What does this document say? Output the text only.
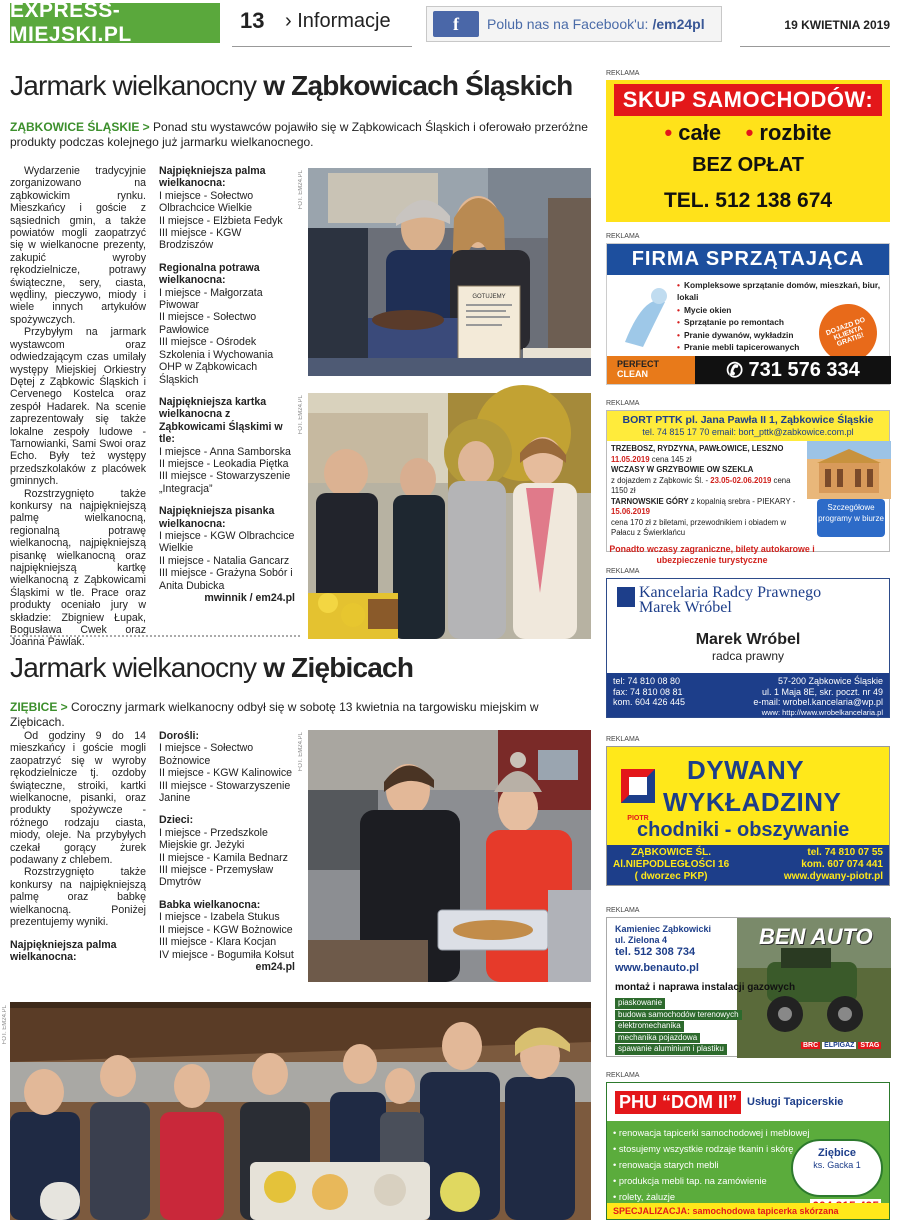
EXPRESS-MIEJSKI.PL
13 › Informacje	f	Polub nas na Facebook'u: /em24pl	19 KWIETNIA 2019
Jarmark wielkanocny w Ząbkowicach Śląskich
ZĄBKOWICE ŚLĄSKIE > Ponad stu wystawców pojawiło się w Ząbkowicach Śląskich i oferowało przeróżne produkty podczas kolejnego już jarmarku wielkanocnego.

Wydarzenie tradycyjnie zorganizowano na ząbkowickim rynku. Mieszkańcy i goście z sąsiednich gmin, a także powiatów mogli zaopatrzyć się w wielkanocne prezenty, zakupić wyroby rękodzielnicze, potrawy świąteczne, sery, ciasta, wędliny, pieczywo, miody i wiele innych artykułów spożywczych.

Przybyłym na jarmark wystawcom oraz odwiedzającym czas umilały występy Miejskiej Orkiestry Dętej z Ząbkowic Śląskich i Cervenego Kostelca oraz zespół Hadarek. Na scenie zaprezentowały się także lokalne zespoły ludowe - Tarnowianki, Sami Swoi oraz Echo. Były też występy przedszkolaków z placówek gminnych.

Rozstrzygnięto także konkursy na najpiękniejszą palmę wielkanocną, regionalną potrawę wielkanocną, najpiękniejszą pisankę wielkanocną oraz najpiękniejszą kartkę wielkanocną z Ząbkowicami Śląskimi w tle. Prace oraz produkty oceniało jury w składzie: Zbigniew Łupak, Bogusława Cwek oraz Joanna Pawlak.

Najpiękniejsza palma wielkanocna:
I miejsce - Sołectwo Olbrachcice Wielkie
II miejsce - Elżbieta Fedyk
III miejsce - KGW Brodziszów
Regionalna potrawa wielkanocna:
I miejsce - Małgorzata Piwowar
II miejsce - Sołectwo Pawłowice
III miejsce - Ośrodek Szkolenia i Wychowania OHP w Ząbkowicach Śląskich
Najpiękniejsza kartka wielkanocna z Ząbkowicami Śląskimi w tle:
I miejsce - Anna Samborska
II miejsce - Leokadia Piętka
III miejsce - Stowarzyszenie „Integracja”
Najpiękniejsza pisanka wielkanocna:
I miejsce - KGW Olbrachcice Wielkie
II miejsce - Natalia Gancarz
III miejsce - Grażyna Sobór i Anita Dubicka
mwinnik / em24.pl
FOT. EM24.PL
GOTUJEMY
FOT. EM24.PL
Jarmark wielkanocny w Ziębicach
ZIĘBICE > Coroczny jarmark wielkanocny odbył się w sobotę 13 kwietnia na targowisku miejskim w Ziębicach.

Od godziny 9 do 14 mieszkańcy i goście mogli zaopatrzyć się w wyroby rękodzielnicze tj. ozdoby świąteczne, stroiki, kartki wielkanocne, pisanki, oraz produkty spożywcze - różnego rodzaju ciasta, miody, oleje. Na przybyłych czekał gorący żurek podawany z chlebem.

Rozstrzygnięto także konkursy na najpiękniejszą palmę oraz babkę wielkanocną. Poniżej prezentujemy wyniki.

Najpiękniejsza palma wielkanocna:
Dorośli:
I miejsce - Sołectwo Bożnowice
II miejsce - KGW Kalinowice
III miejsce - Stowarzyszenie Janine
Dzieci:
I miejsce - Przedszkole Miejskie gr. Jeżyki
II miejsce - Kamila Bednarz
III miejsce - Przemysław Dmytrów
Babka wielkanocna:
I miejsce - Izabela Stukus
II miejsce - KGW Bożnowice
III miejsce - Klara Kocjan
IV miejsce - Bogumiła Kołsut
em24.pl
FOT. EM24.PL
FOT. EM24.PL
REKLAMA
SKUP SAMOCHODÓW:
• całe • rozbite
BEZ OPŁAT
TEL. 512 138 674
REKLAMA
FIRMA SPRZĄTAJĄCA
• Kompleksowe sprzątanie domów, mieszkań, biur, lokali
• Mycie okien
• Sprzątanie po remontach
• Pranie dywanów, wykładzin
• Pranie mebli tapicerowanych
•
DOJAZD DO KLIENTA GRATIS!
PERFECT
CLEAN	✆ 731 576 334
REKLAMA
BORT PTTK pl. Jana Pawła II 1, Ząbkowice Śląskie
tel. 74 815 17 70 email: bort_pttk@zabkowice.com.pl
TRZEBOSZ, RYDZYNA, PAWŁOWICE, LESZNO
11.05.2019 cena 145 zł
WCZASY W GRZYBOWIE OW SZEKLA
z dojazdem z Ząbkowic Śl. - 23.05-02.06.2019 cena 1150 zł
TARNOWSKIE GÓRY z kopalnią srebra - PIEKARY - 15.06.2019
cena 170 zł z biletami, przewodnikiem i obiadem w Pałacu z Świerklańcu
Ponadto wczasy zagraniczne, bilety autokarowe i ubezpieczenie turystyczne
Szczegółowe programy w biurze
REKLAMA
Kancelaria Radcy Prawnego
Marek Wróbel
Marek Wróbel
radca prawny
tel: 74 810 08 80
fax: 74 810 08 81
kom. 604 426 445
57-200 Ząbkowice Śląskie
ul. 1 Maja 8E, skr. poczt. nr 49
e-mail: wrobel.kancelaria@wp.pl
www: http://www.wrobelkancelaria.pl
REKLAMA
PIOTR
DYWANY
WYKŁADZINY
chodniki - obszywanie
ZĄBKOWICE ŚL.
Al.NIEPODLEGŁOŚCI 16
( dworzec PKP)
tel. 74 810 07 55
kom. 607 074 441
www.dywany-piotr.pl
REKLAMA
BEN AUTO
Kamieniec Ząbkowicki
ul. Zielona 4
tel. 512 308 734
www.benauto.pl
montaż i naprawa instalacji gazowych
piaskowanie
budowa samochodów terenowych
elektromechanika
mechanika pojazdowa
spawanie aluminium i plastiku	BRC ELPIGAZ STAG
REKLAMA
PHU “DOM II” Usługi Tapicerskie
• renowacja tapicerki samochodowej i meblowej
• stosujemy wszystkie rodzaje tkanin i skórę
• renowacja starych mebli
• produkcja mebli tap. na zamówienie
• rolety, żaluzje
Ziębice
ks. Gacka 1

SPECJALIZACJA: samochodowa tapicerka skórzana
